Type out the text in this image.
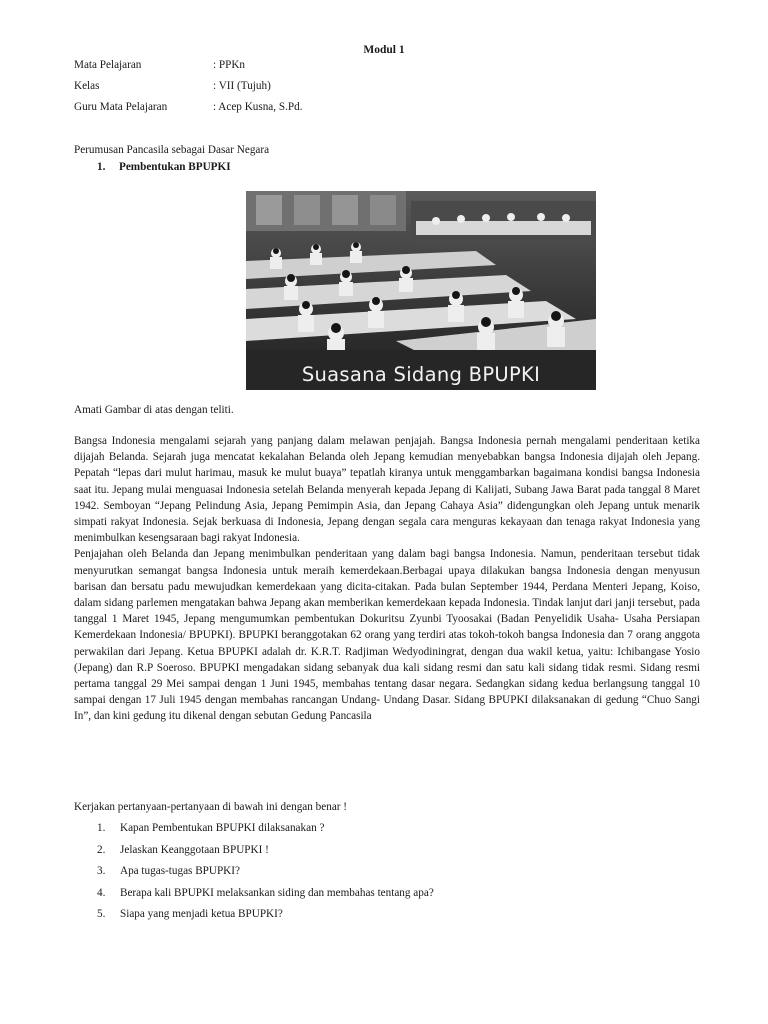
Modul 1
Mata Pelajaran	: PPKn
Kelas	: VII (Tujuh)
Guru Mata Pelajaran	: Acep Kusna, S.Pd.
Perumusan Pancasila sebagai Dasar Negara
1.	Pembentukan BPUPKI
Suasana Sidang BPUPKI
Amati Gambar di atas dengan teliti.

Bangsa Indonesia mengalami sejarah yang panjang dalam melawan penjajah. Bangsa Indonesia pernah mengalami penderitaan ketika dijajah Belanda. Sejarah juga mencatat kekalahan Belanda oleh Jepang kemudian menyebabkan bangsa Indonesia dijajah oleh Jepang. Pepatah “lepas dari mulut harimau, masuk ke mulut buaya” tepatlah kiranya untuk menggambarkan bagaimana kondisi bangsa Indonesia saat itu. Jepang mulai menguasai Indonesia setelah Belanda menyerah kepada Jepang di Kalijati, Subang Jawa Barat pada tanggal 8 Maret 1942. Semboyan “Jepang Pelindung Asia, Jepang Pemimpin Asia, dan Jepang Cahaya Asia” didengungkan oleh Jepang untuk menarik simpati rakyat Indonesia. Sejak berkuasa di Indonesia, Jepang dengan segala cara menguras kekayaan dan tenaga rakyat Indonesia yang menimbulkan kesengsaraan bagi rakyat Indonesia.

Penjajahan oleh Belanda dan Jepang menimbulkan penderitaan yang dalam bagi bangsa Indonesia. Namun, penderitaan tersebut tidak menyurutkan semangat bangsa Indonesia untuk meraih kemerdekaan.Berbagai upaya dilakukan bangsa Indonesia dengan menyusun barisan dan bersatu padu mewujudkan kemerdekaan yang dicita-citakan. Pada bulan September 1944, Perdana Menteri Jepang, Koiso, dalam sidang parlemen mengatakan bahwa Jepang akan memberikan kemerdekaan kepada Indonesia. Tindak lanjut dari janji tersebut, pada tanggal 1 Maret 1945, Jepang mengumumkan pembentukan Dokuritsu Zyunbi Tyoosakai (Badan Penyelidik Usaha- Usaha Persiapan Kemerdekaan Indonesia/ BPUPKI). BPUPKI beranggotakan 62 orang yang terdiri atas tokoh-tokoh bangsa Indonesia dan 7 orang anggota perwakilan dari Jepang. Ketua BPUPKI adalah dr. K.R.T. Radjiman Wedyodiningrat, dengan dua wakil ketua, yaitu: Ichibangase Yosio (Jepang) dan R.P Soeroso. BPUPKI mengadakan sidang sebanyak dua kali sidang resmi dan satu kali sidang tidak resmi. Sidang resmi pertama tanggal 29 Mei sampai dengan 1 Juni 1945, membahas tentang dasar negara. Sedangkan sidang kedua berlangsung tanggal 10 sampai dengan 17 Juli 1945 dengan membahas rancangan Undang- Undang Dasar. Sidang BPUPKI dilaksanakan di gedung “Chuo Sangi In”, dan kini gedung itu dikenal dengan sebutan Gedung Pancasila

Kerjakan pertanyaan-pertanyaan di bawah ini dengan benar !
1.	Kapan Pembentukan BPUPKI dilaksanakan ?
2.	Jelaskan Keanggotaan BPUPKI !
3.	Apa tugas-tugas BPUPKI?
4.	Berapa kali BPUPKI melaksankan siding dan membahas tentang apa?
5.	Siapa yang menjadi ketua BPUPKI?
